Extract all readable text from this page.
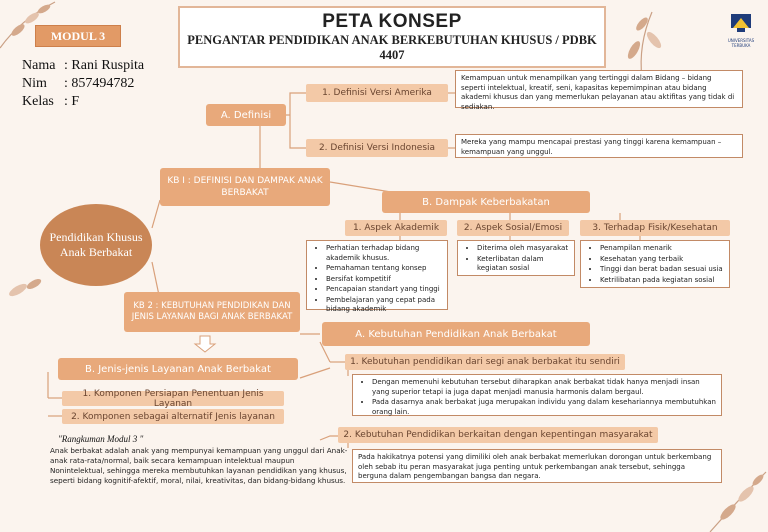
PETA KONSEP
PENGANTAR PENDIDIKAN ANAK BERKEBUTUHAN KHUSUS / PDBK 4407
UNIVERSITAS TERBUKA
MODUL 3
Nama : Rani Ruspita
Nim : 857494782
Kelas : F
Pendidikan Khusus Anak Berbakat
KB I : DEFINISI DAN DAMPAK ANAK BERBAKAT
A. Definisi
1. Definisi Versi Amerika
Kemampuan untuk menampilkan yang tertinggi dalam Bidang – bidang seperti intelektual, kreatif, seni, kapasitas kepemimpinan atau bidang akademi khusus dan yang memerlukan pelayanan atau aktifitas yang tidak di sediakan.
2. Definisi Versi Indonesia
Mereka yang mampu mencapai prestasi yang tinggi karena kemampuan – kemampuan yang unggul.
B. Dampak Keberbakatan
1. Aspek Akademik	2. Aspek Sosial/Emosi	3. Terhadap Fisik/Kesehatan
• Perhatian terhadap bidang akademik khusus.
• Pemahaman tentang konsep
• Bersifat kompetitif
• Pencapaian standart yang tinggi
• Pembelajaran yang cepat pada bidang akademik
• Diterima oleh masyarakat
• Keterlibatan dalam kegiatan sosial
• Penampilan menarik
• Kesehatan yang terbaik
• Tinggi dan berat badan sesuai usia
• Ketrilibatan pada kegiatan sosial
KB 2 : KEBUTUHAN PENDIDIKAN DAN JENIS LAYANAN BAGI ANAK BERBAKAT
A. Kebutuhan Pendidikan Anak Berbakat
1. Kebutuhan pendidikan dari segi anak berbakat itu sendiri
• Dengan memenuhi kebutuhan tersebut diharapkan anak berbakat tidak hanya menjadi insan yang superior tetapi ia juga dapat menjadi manusia harmonis dalam bergaul.
• Pada dasarnya anak berbakat juga merupakan individu yang dalam kesehariannya membutuhkan orang lain.
2. Kebutuhan Pendidikan berkaitan dengan kepentingan masyarakat
Pada hakikatnya potensi yang dimiliki oleh anak berbakat memerlukan dorongan untuk berkembang oleh sebab itu peran masyarakat juga penting untuk perkembangan anak tersebut, sehingga berguna dalam pengembangan bangsa dan negara.
B. Jenis-jenis Layanan Anak Berbakat
1. Komponen Persiapan Penentuan Jenis Layanan
2. Komponen sebagai alternatif Jenis layanan
"Rangkuman Modul 3 "
Anak berbakat adalah anak yang mempunyai kemampuan yang unggul dari Anak-anak rata-rata/normal, baik secara kemampuan intelektual maupun Nonintelektual, sehingga mereka membutuhkan layanan pendidikan yang khusus, seperti bidang kognitif-afektif, moral, nilai, kreativitas, dan bidang-bidang khusus.
